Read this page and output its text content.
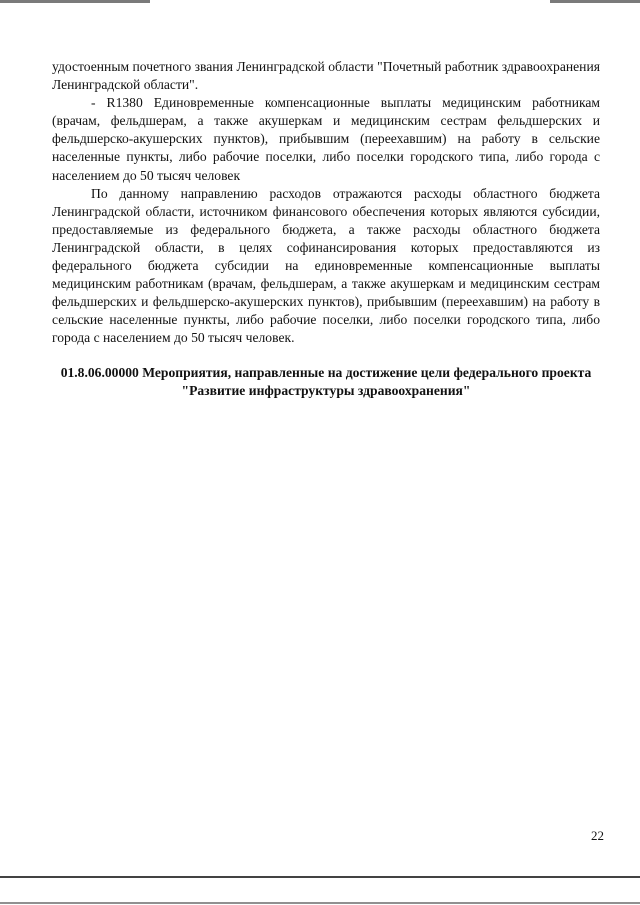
удостоенным почетного звания Ленинградской области "Почетный работник здравоохранения Ленинградской области".

- R1380 Единовременные компенсационные выплаты медицинским работникам (врачам, фельдшерам, а также акушеркам и медицинским сестрам фельдшерских и фельдшерско-акушерских пунктов), прибывшим (переехавшим) на работу в сельские населенные пункты, либо рабочие поселки, либо поселки городского типа, либо города с населением до 50 тысяч человек

По данному направлению расходов отражаются расходы областного бюджета Ленинградской области, источником финансового обеспечения которых являются субсидии, предоставляемые из федерального бюджета, а также расходы областного бюджета Ленинградской области, в целях софинансирования которых предоставляются из федерального бюджета субсидии на единовременные компенсационные выплаты медицинским работникам (врачам, фельдшерам, а также акушеркам и медицинским сестрам фельдшерских и фельдшерско-акушерских пунктов), прибывшим (переехавшим) на работу в сельские населенные пункты, либо рабочие поселки, либо поселки городского типа, либо города с населением до 50 тысяч человек.

01.8.06.00000 Мероприятия, направленные на достижение цели федерального проекта "Развитие инфраструктуры здравоохранения"

22
